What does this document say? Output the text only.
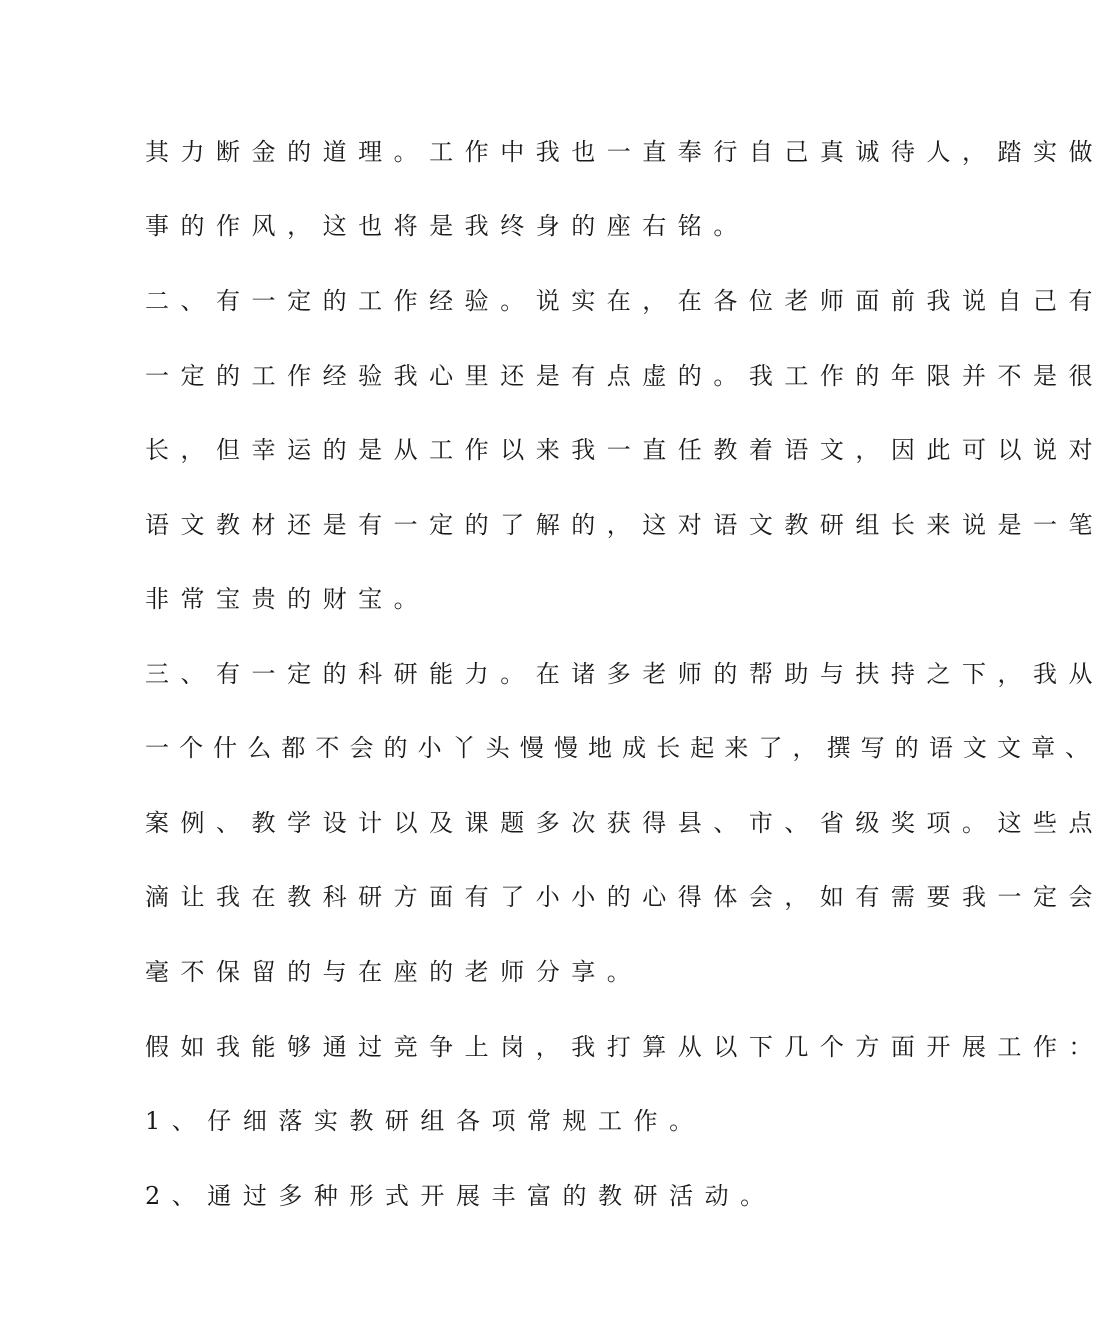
其力断金的道理。工作中我也一直奉行自己真诚待人，踏实做
事的作风，这也将是我终身的座右铭。
二、有一定的工作经验。说实在，在各位老师面前我说自己有
一定的工作经验我心里还是有点虚的。我工作的年限并不是很
长，但幸运的是从工作以来我一直任教着语文，因此可以说对
语文教材还是有一定的了解的，这对语文教研组长来说是一笔
非常宝贵的财宝。
三、有一定的科研能力。在诸多老师的帮助与扶持之下，我从
一个什么都不会的小丫头慢慢地成长起来了，撰写的语文文章、
案例、教学设计以及课题多次获得县、市、省级奖项。这些点
滴让我在教科研方面有了小小的心得体会，如有需要我一定会
毫不保留的与在座的老师分享。
假如我能够通过竞争上岗，我打算从以下几个方面开展工作：
1、仔细落实教研组各项常规工作。
2、通过多种形式开展丰富的教研活动。
